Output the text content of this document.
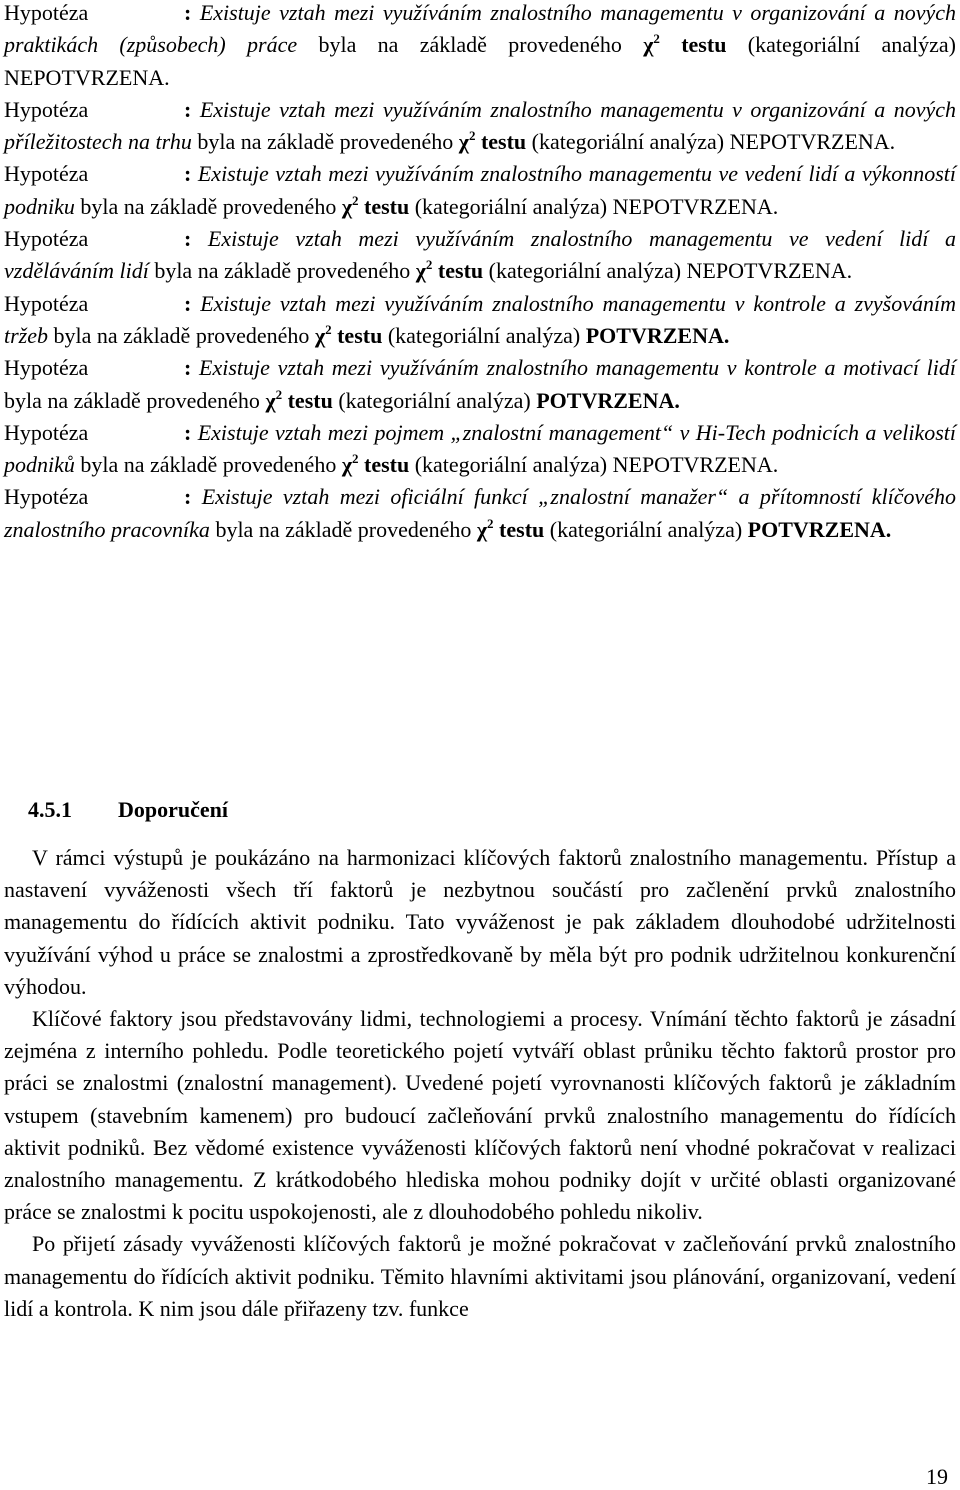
Hypotéza	: Existuje vztah mezi využíváním znalostního managementu v organizování a nových praktikách (způsobech) práce byla na základě provedeného $\chi^2$ testu (kategoriální analýza) NEPOTVRZENA.

Hypotéza	: Existuje vztah mezi využíváním znalostního managementu v organizování a nových příležitostech na trhu byla na základě provedeného $\chi^2$ testu (kategoriální analýza) NEPOTVRZENA.

Hypotéza	: Existuje vztah mezi využíváním znalostního managementu ve vedení lidí a výkonností podniku byla na základě provedeného $\chi^2$ testu (kategoriální analýza) NEPOTVRZENA.

Hypotéza	: Existuje vztah mezi využíváním znalostního managementu ve vedení lidí a vzděláváním lidí byla na základě provedeného $\chi^2$ testu (kategoriální analýza) NEPOTVRZENA.

Hypotéza	: Existuje vztah mezi využíváním znalostního managementu v kontrole a zvyšováním tržeb byla na základě provedeného $\chi^2$ testu (kategoriální analýza) POTVRZENA.

Hypotéza	: Existuje vztah mezi využíváním znalostního managementu v kontrole a motivací lidí byla na základě provedeného $\chi^2$ testu (kategoriální analýza) POTVRZENA.

Hypotéza	: Existuje vztah mezi pojmem „znalostní management“ v Hi-Tech podnicích a velikostí podniků byla na základě provedeného $\chi^2$ testu (kategoriální analýza) NEPOTVRZENA.

Hypotéza	: Existuje vztah mezi oficiální funkcí „znalostní manažer“ a přítomností klíčového znalostního pracovníka byla na základě provedeného $\chi^2$ testu (kategoriální analýza) POTVRZENA.

4.5.1 Doporučení

V rámci výstupů je poukázáno na harmonizaci klíčových faktorů znalostního managementu. Přístup a nastavení vyváženosti všech tří faktorů je nezbytnou součástí pro začlenění prvků znalostního managementu do řídících aktivit podniku. Tato vyváženost je pak základem dlouhodobé udržitelnosti využívání výhod u práce se znalostmi a zprostředkovaně by měla být pro podnik udržitelnou konkurenční výhodou.

Klíčové faktory jsou představovány lidmi, technologiemi a procesy. Vnímání těchto faktorů je zásadní zejména z interního pohledu. Podle teoretického pojetí vytváří oblast průniku těchto faktorů prostor pro práci se znalostmi (znalostní management). Uvedené pojetí vyrovnanosti klíčových faktorů je základním vstupem (stavebním kamenem) pro budoucí začleňování prvků znalostního managementu do řídících aktivit podniků. Bez vědomé existence vyváženosti klíčových faktorů není vhodné pokračovat v realizaci znalostního managementu. Z krátkodobého hlediska mohou podniky dojít v určité oblasti organizované práce se znalostmi k pocitu uspokojenosti, ale z dlouhodobého pohledu nikoliv.

Po přijetí zásady vyváženosti klíčových faktorů je možné pokračovat v začleňování prvků znalostního managementu do řídících aktivit podniku. Těmito hlavními aktivitami jsou plánování, organizovaní, vedení lidí a kontrola. K nim jsou dále přiřazeny tzv. funkce

19
